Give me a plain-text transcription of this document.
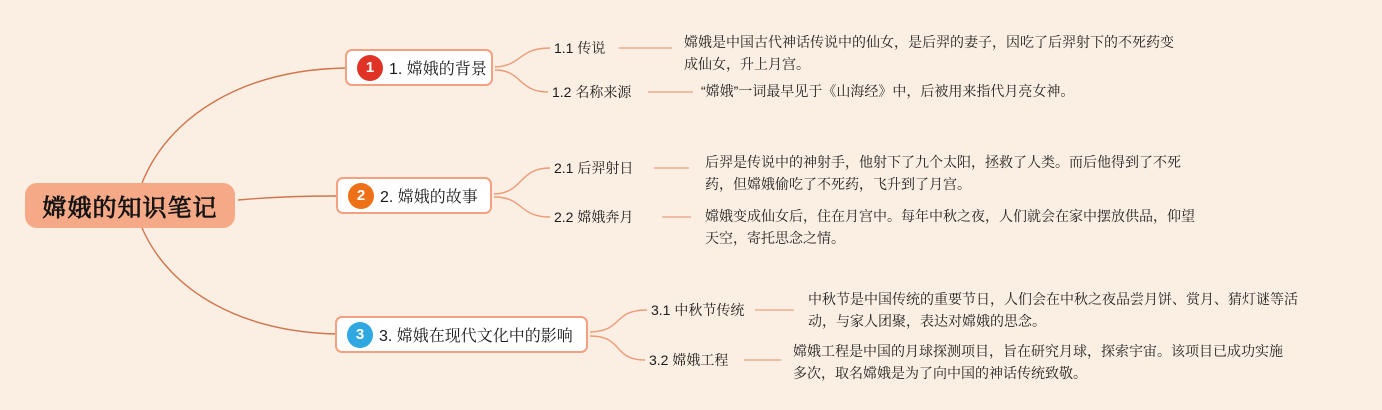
嫦娥的知识笔记
1 1. 嫦娥的背景
1.1 传说
1.2 名称来源
嫦娥是中国古代神话传说中的仙女，是后羿的妻子，因吃了后羿射下的不死药变成仙女，升上月宫。
“嫦娥”一词最早见于《山海经》中，后被用来指代月亮女神。
2 2. 嫦娥的故事
2.1 后羿射日
2.2 嫦娥奔月
后羿是传说中的神射手，他射下了九个太阳，拯救了人类。而后他得到了不死药，但嫦娥偷吃了不死药，飞升到了月宫。
嫦娥变成仙女后，住在月宫中。每年中秋之夜，人们就会在家中摆放供品，仰望天空，寄托思念之情。
3 3. 嫦娥在现代文化中的影响
3.1 中秋节传统
3.2 嫦娥工程
中秋节是中国传统的重要节日，人们会在中秋之夜品尝月饼、赏月、猜灯谜等活动，与家人团聚，表达对嫦娥的思念。
嫦娥工程是中国的月球探测项目，旨在研究月球，探索宇宙。该项目已成功实施多次，取名嫦娥是为了向中国的神话传统致敬。
